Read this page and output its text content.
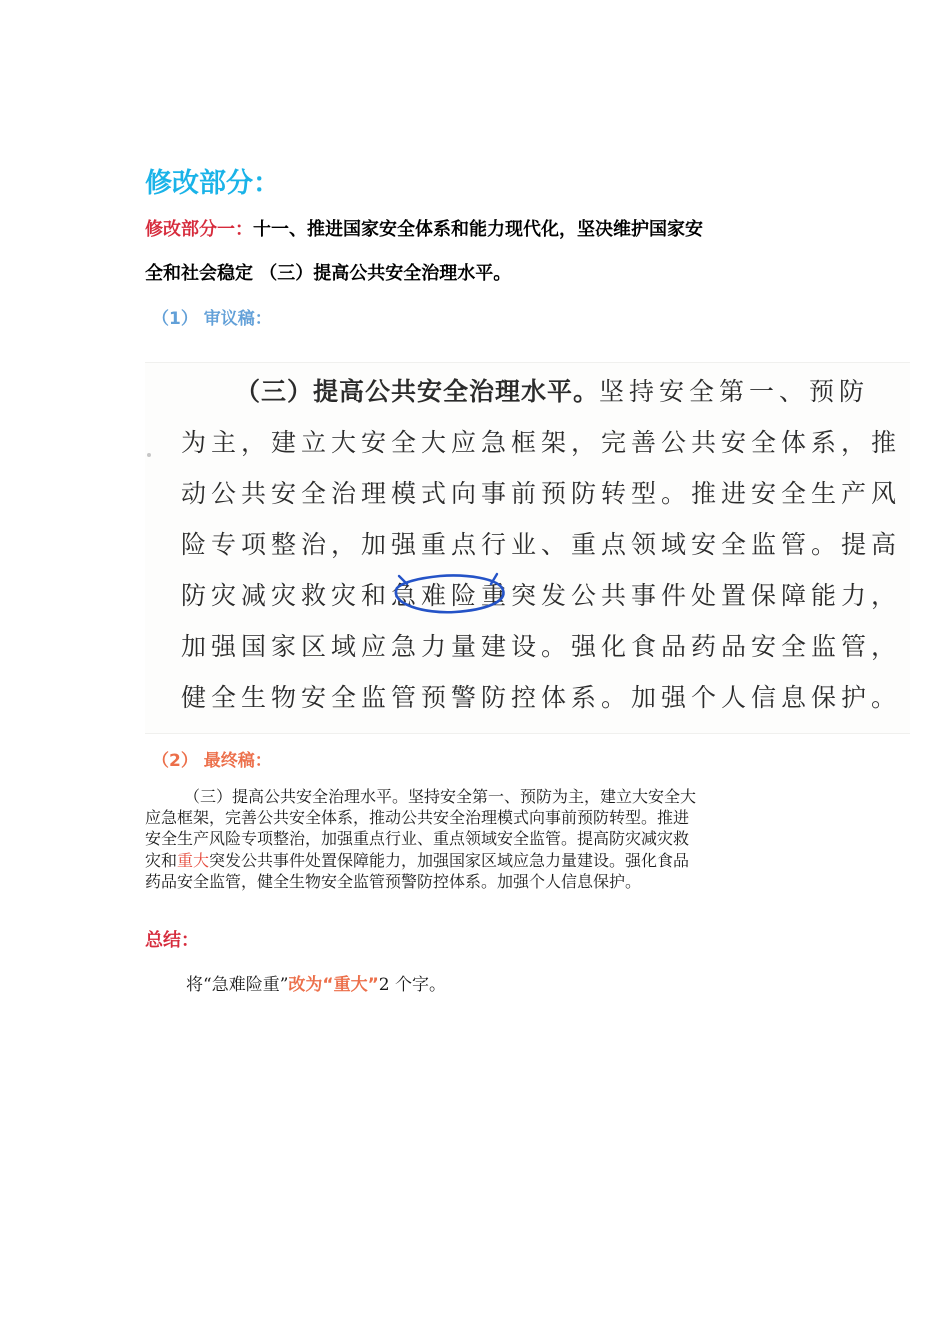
修改部分：
修改部分一：十一、推进国家安全体系和能力现代化，坚决维护国家安
全和社会稳定 （三）提高公共安全治理水平。
（1） 审议稿：
（三）提高公共安全治理水平。坚持安全第一、预防
为主，建立大安全大应急框架，完善公共安全体系，推
动公共安全治理模式向事前预防转型。推进安全生产风
险专项整治，加强重点行业、重点领域安全监管。提高
防灾减灾救灾和急难险重突发公共事件处置保障能力，
加强国家区域应急力量建设。强化食品药品安全监管，
健全生物安全监管预警防控体系。加强个人信息保护。
（2） 最终稿：
（三）提高公共安全治理水平。坚持安全第一、预防为主，建立大安全大
应急框架，完善公共安全体系，推动公共安全治理模式向事前预防转型。推进
安全生产风险专项整治，加强重点行业、重点领域安全监管。提高防灾减灾救
灾和重大突发公共事件处置保障能力，加强国家区域应急力量建设。强化食品
药品安全监管，健全生物安全监管预警防控体系。加强个人信息保护。
总结：
将“急难险重”改为“重大”2 个字。
